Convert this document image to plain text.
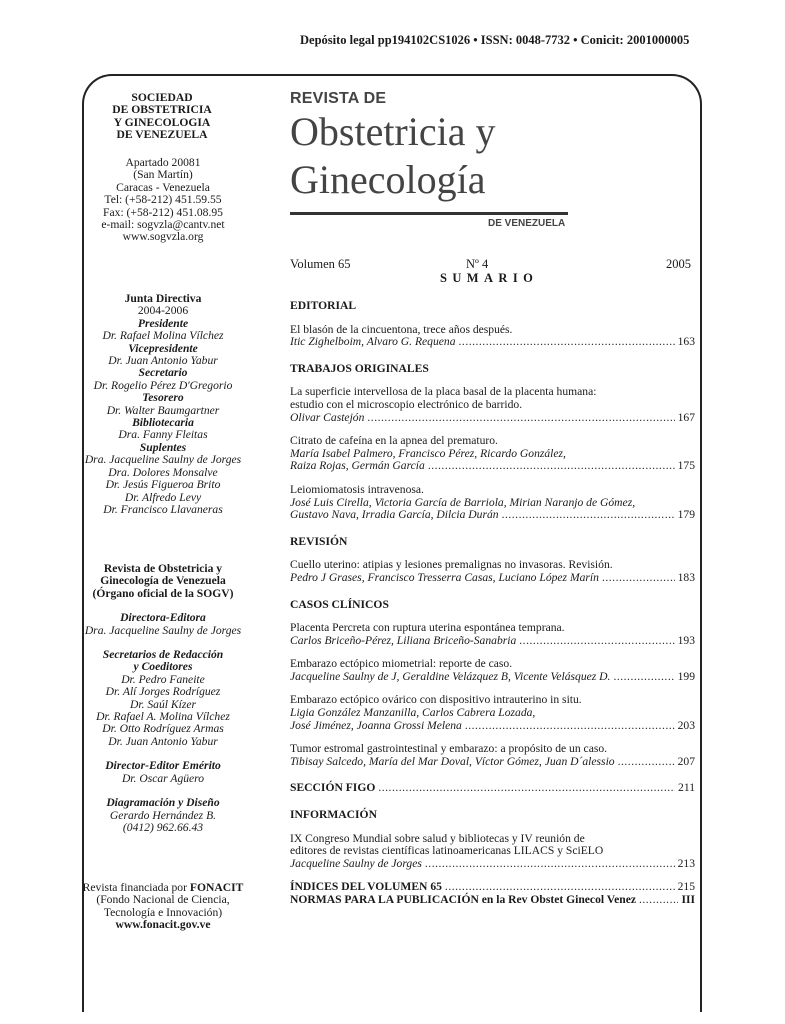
Depósito legal pp194102CS1026 • ISSN: 0048-7732 • Conicit: 2001000005
SOCIEDAD
DE OBSTETRICIA
Y GINECOLOGIA
DE VENEZUELA
Apartado 20081
(San Martín)
Caracas - Venezuela
Tel: (+58-212) 451.59.55
Fax: (+58-212) 451.08.95
e-mail: sogvzla@cantv.net
www.sogvzla.org
Junta Directiva
2004-2006
Presidente
Dr. Rafael Molina Vílchez
Vicepresidente
Dr. Juan Antonio Yabur
Secretario
Dr. Rogelio Pérez D'Gregorio
Tesorero
Dr. Walter Baumgartner
Bibliotecaria
Dra. Fanny Fleitas
Suplentes
Dra. Jacqueline Saulny de Jorges
Dra. Dolores Monsalve
Dr. Jesús Figueroa Brito
Dr. Alfredo Levy
Dr. Francisco Llavaneras
Revista de Obstetricia y
Ginecología de Venezuela
(Órgano oficial de la SOGV)
Directora-Editora
Dra. Jacqueline Saulny de Jorges
Secretarios de Redacción
y Coeditores
Dr. Pedro Faneite
Dr. Alí Jorges Rodríguez
Dr. Saúl Kízer
Dr. Rafael A. Molina Vílchez
Dr. Otto Rodríguez Armas
Dr. Juan Antonio Yabur
Director-Editor Emérito
Dr. Oscar Agüero
Diagramación y Diseño
Gerardo Hernández B.
(0412) 962.66.43
Revista financiada por FONACIT
(Fondo Nacional de Ciencia,
Tecnología e Innovación)
www.fonacit.gov.ve
REVISTA DE
Obstetricia y
Ginecología
DE VENEZUELA
Volumen 65	Nº 4	2005
SUMARIO
EDITORIAL
El blasón de la cincuentona, trece años después.
Itic Zighelboim, Alvaro G. Requena .....	163
TRABAJOS ORIGINALES
La superficie intervellosa de la placa basal de la placenta humana:
estudio con el microscopio electrónico de barrido.
Olivar Castejón .....	167
Citrato de cafeína en la apnea del prematuro.
María Isabel Palmero, Francisco Pérez, Ricardo González,
Raiza Rojas, Germán García .....	175
Leiomiomatosis intravenosa.
José Luis Cirella, Victoria García de Barriola, Mirian Naranjo de Gómez,
Gustavo Nava, Irradia García, Dilcia Durán .....	179
REVISIÓN
Cuello uterino: atipias y lesiones premalignas no invasoras. Revisión.
Pedro J Grases, Francisco Tresserra Casas, Luciano López Marín .....	183
CASOS CLÍNICOS
Placenta Percreta con ruptura uterina espontánea temprana.
Carlos Briceño-Pérez, Liliana Briceño-Sanabria .....	193
Embarazo ectópico miometrial: reporte de caso.
Jacqueline Saulny de J, Geraldine Velázquez B, Vicente Velásquez D. .....	199
Embarazo ectópico ovárico con dispositivo intrauterino in situ.
Ligia González Manzanilla, Carlos Cabrera Lozada,
José Jiménez, Joanna Grossi Melena .....	203
Tumor estromal gastrointestinal y embarazo: a propósito de un caso.
Tibisay Salcedo, María del Mar Doval, Víctor Gómez, Juan D´alessio .....	207
SECCIÓN FIGO .....	211
INFORMACIÓN
IX Congreso Mundial sobre salud y bibliotecas y IV reunión de
editores de revistas científicas latinoamericanas LILACS y SciELO
Jacqueline Saulny de Jorges .....	213
ÍNDICES DEL VOLUMEN 65 .....	215
NORMAS PARA LA PUBLICACIÓN en la Rev Obstet Ginecol Venez .....	III
